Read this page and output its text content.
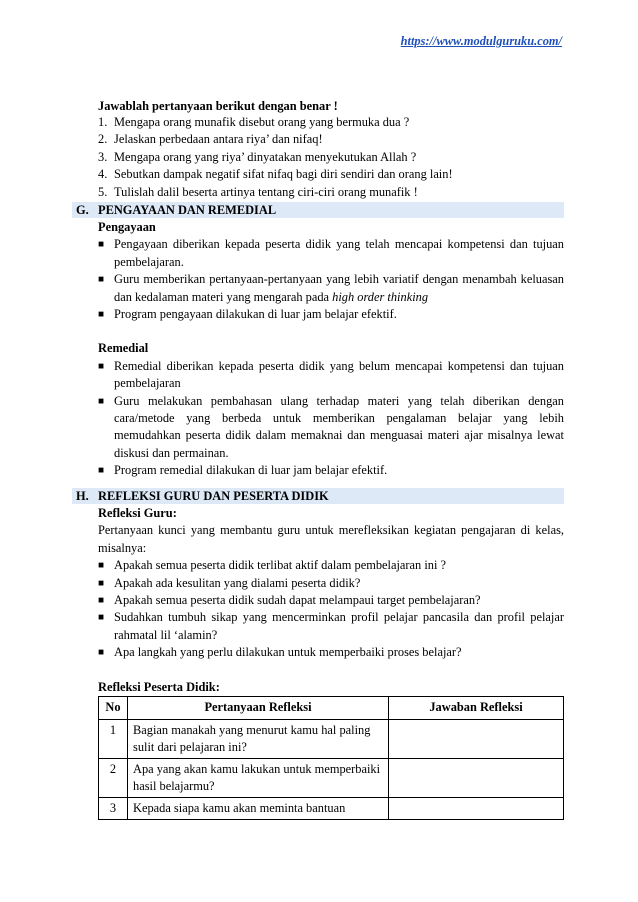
https://www.modulguruku.com/
Jawablah pertanyaan berikut dengan benar !
1. Mengapa orang munafik disebut orang yang bermuka dua ?
2. Jelaskan perbedaan antara riya’ dan nifaq!
3. Mengapa orang yang riya’ dinyatakan menyekutukan Allah ?
4. Sebutkan dampak negatif sifat nifaq bagi diri sendiri dan orang lain!
5. Tulislah dalil beserta artinya tentang ciri-ciri orang munafik !
G. PENGAYAAN DAN REMEDIAL
Pengayaan
■ Pengayaan diberikan kepada peserta didik yang telah mencapai kompetensi dan tujuan pembelajaran.
■ Guru memberikan pertanyaan-pertanyaan yang lebih variatif dengan menambah keluasan dan kedalaman materi yang mengarah pada high order thinking
■ Program pengayaan dilakukan di luar jam belajar efektif.
Remedial
■ Remedial diberikan kepada peserta didik yang belum mencapai kompetensi dan tujuan pembelajaran
■ Guru melakukan pembahasan ulang terhadap materi yang telah diberikan dengan cara/metode yang berbeda untuk memberikan pengalaman belajar yang lebih memudahkan peserta didik dalam memaknai dan menguasai materi ajar misalnya lewat diskusi dan permainan.
■ Program remedial dilakukan di luar jam belajar efektif.
H. REFLEKSI GURU DAN PESERTA DIDIK
Refleksi Guru:
Pertanyaan kunci yang membantu guru untuk merefleksikan kegiatan pengajaran di kelas, misalnya:
■ Apakah semua peserta didik terlibat aktif dalam pembelajaran ini ?
■ Apakah ada kesulitan yang dialami peserta didik?
■ Apakah semua peserta didik sudah dapat melampaui target pembelajaran?
■ Sudahkan tumbuh sikap yang mencerminkan profil pelajar pancasila dan profil pelajar rahmatal lil ‘alamin?
■ Apa langkah yang perlu dilakukan untuk memperbaiki proses belajar?
Refleksi Peserta Didik:
No	Pertanyaan Refleksi	Jawaban Refleksi
1	Bagian manakah yang menurut kamu hal paling sulit dari pelajaran ini?	
2	Apa yang akan kamu lakukan untuk memperbaiki hasil belajarmu?	
3	Kepada siapa kamu akan meminta bantuan	
